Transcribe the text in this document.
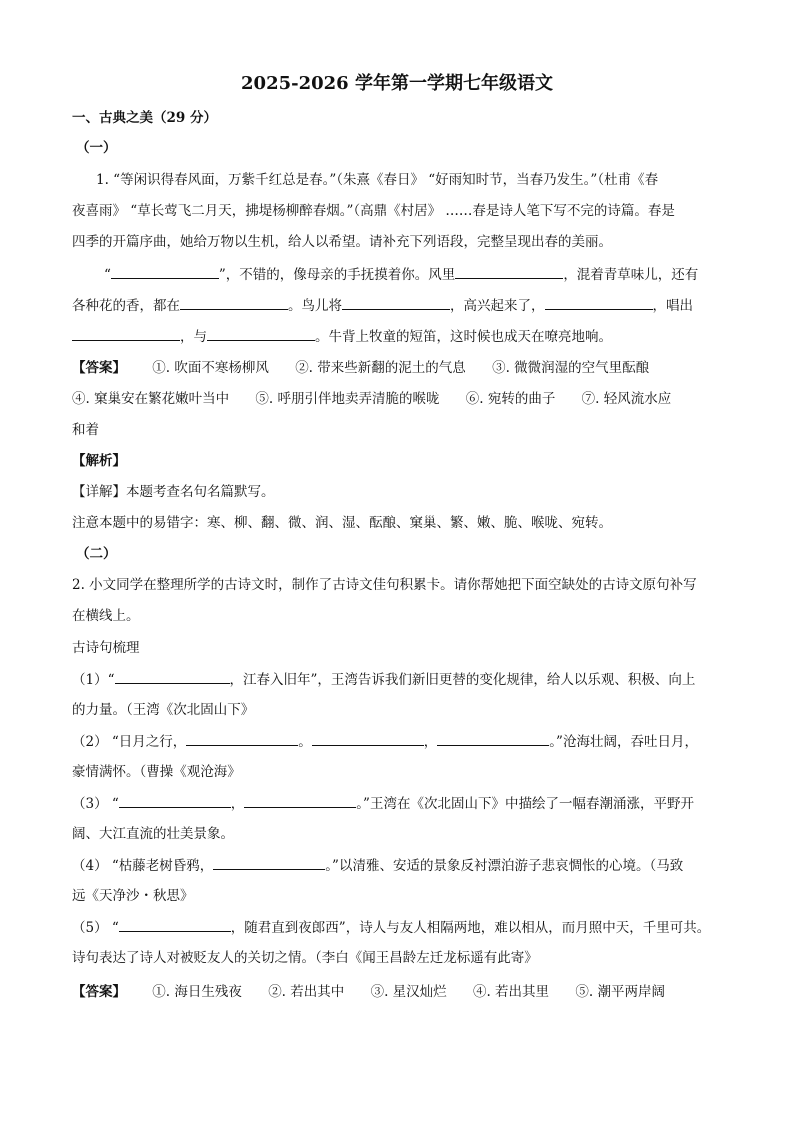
2025-2026 学年第一学期七年级语文
一、古典之美（29 分）
（一）
1. “等闲识得春风面，万紫千红总是春。”（朱熹《春日》 “好雨知时节，当春乃发生。”（杜甫《春
夜喜雨》 “草长莺飞二月天，拂堤杨柳醉春烟。”（高鼎《村居》 ……春是诗人笔下写不完的诗篇。春是
四季的开篇序曲，她给万物以生机，给人以希望。请补充下列语段，完整呈现出春的美丽。
“	”，不错的，像母亲的手抚摸着你。风里	，混着青草味儿，还有
各种花的香，都在	。鸟儿将	，高兴起来了，	，唱出
，与	。牛背上牧童的短笛，这时候也成天在嘹亮地响。
【答案】 ①. 吹面不寒杨柳风 ②. 带来些新翻的泥土的气息 ③. 微微润湿的空气里酝酿
④. 窠巢安在繁花嫩叶当中 ⑤. 呼朋引伴地卖弄清脆的喉咙 ⑥. 宛转的曲子 ⑦. 轻风流水应
和着
【解析】
【详解】本题考查名句名篇默写。
注意本题中的易错字：寒、柳、翻、微、润、湿、酝酿、窠巢、繁、嫩、脆、喉咙、宛转。
（二）
2. 小文同学在整理所学的古诗文时，制作了古诗文佳句积累卡。请你帮她把下面空缺处的古诗文原句补写
在横线上。
古诗句梳理
（1）“	，江春入旧年”，王湾告诉我们新旧更替的变化规律，给人以乐观、积极、向上
的力量。（王湾《次北固山下》
（2） “日月之行，	。	，	。”沧海壮阔，吞吐日月，
豪情满怀。（曹操《观沧海》
（3） “	，	。”王湾在《次北固山下》中描绘了一幅春潮涌涨，平野开
阔、大江直流的壮美景象。
（4） “枯藤老树昏鸦，	。”以清雅、安适的景象反衬漂泊游子悲哀惆怅的心境。（马致
远《天净沙・秋思》
（5） “	，随君直到夜郎西”，诗人与友人相隔两地，难以相从，而月照中天，千里可共。
诗句表达了诗人对被贬友人的关切之情。（李白《闻王昌龄左迁龙标遥有此寄》
【答案】 ①. 海日生残夜 ②. 若出其中 ③. 星汉灿烂 ④. 若出其里 ⑤. 潮平两岸阔
